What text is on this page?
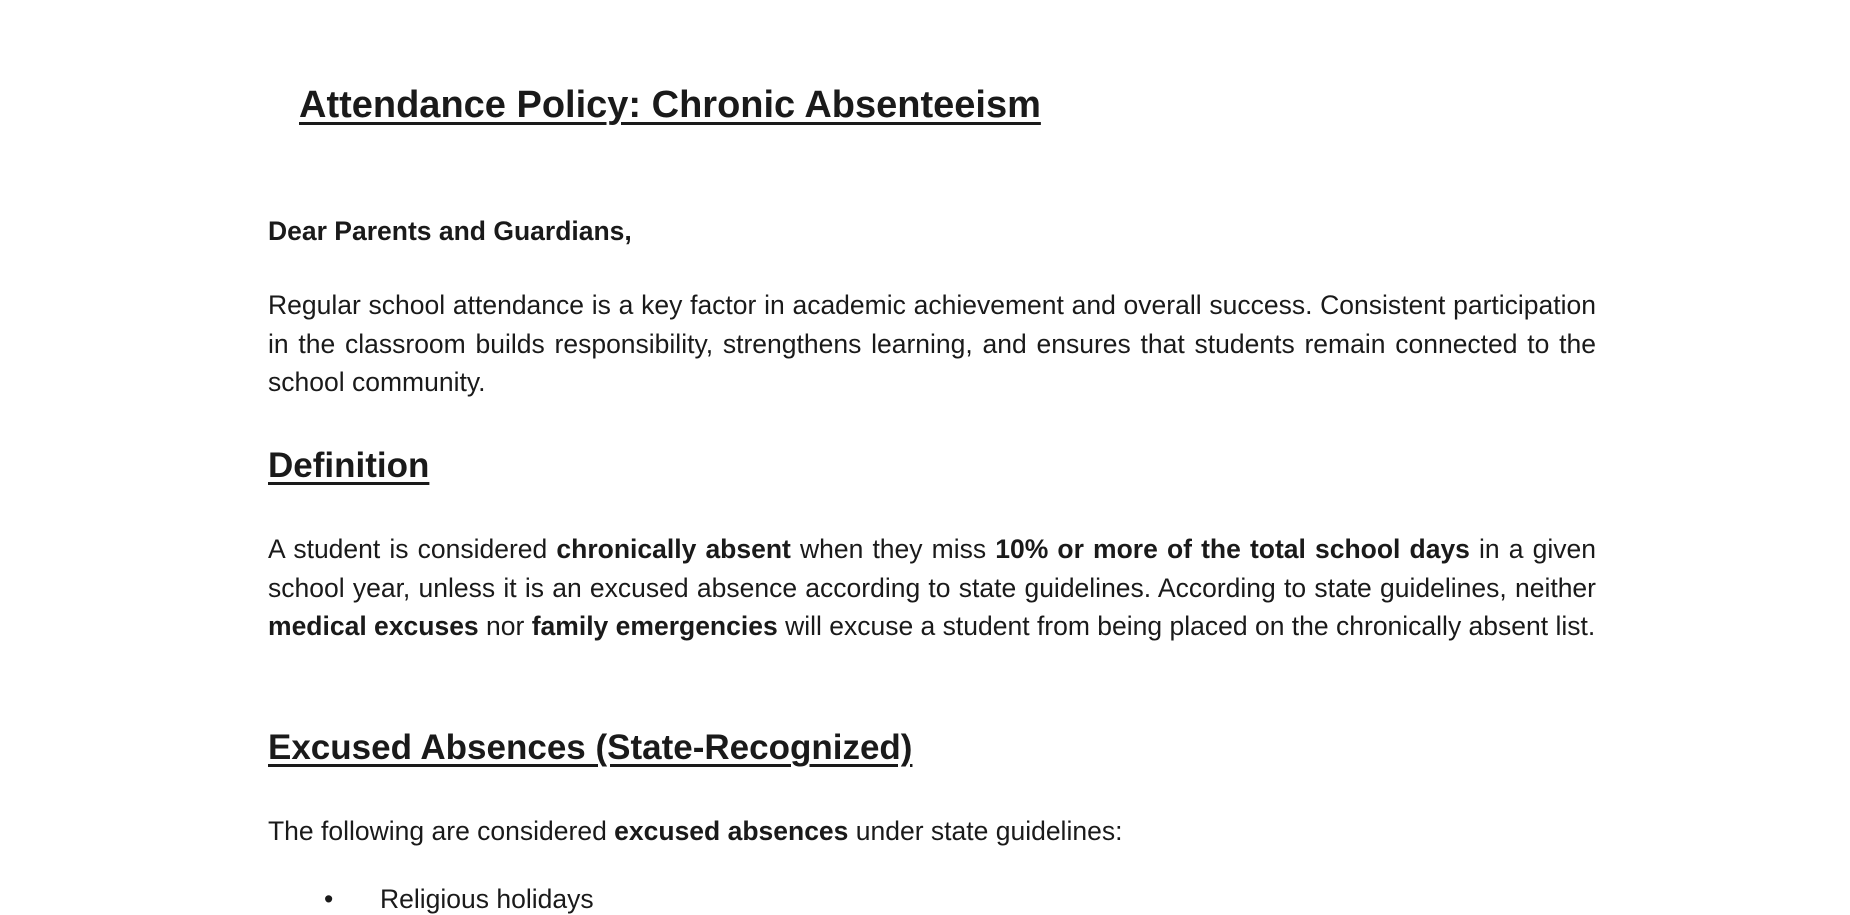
Attendance Policy: Chronic Absenteeism

Dear Parents and Guardians,

Regular school attendance is a key factor in academic achievement and overall success. Consistent participation in the classroom builds responsibility, strengthens learning, and ensures that students remain connected to the school community.

Definition

A student is considered chronically absent when they miss 10% or more of the total school days in a given school year, unless it is an excused absence according to state guidelines. According to state guidelines, neither medical excuses nor family emergencies will excuse a student from being placed on the chronically absent list.

Excused Absences (State-Recognized)

The following are considered excused absences under state guidelines:

• Religious holidays
